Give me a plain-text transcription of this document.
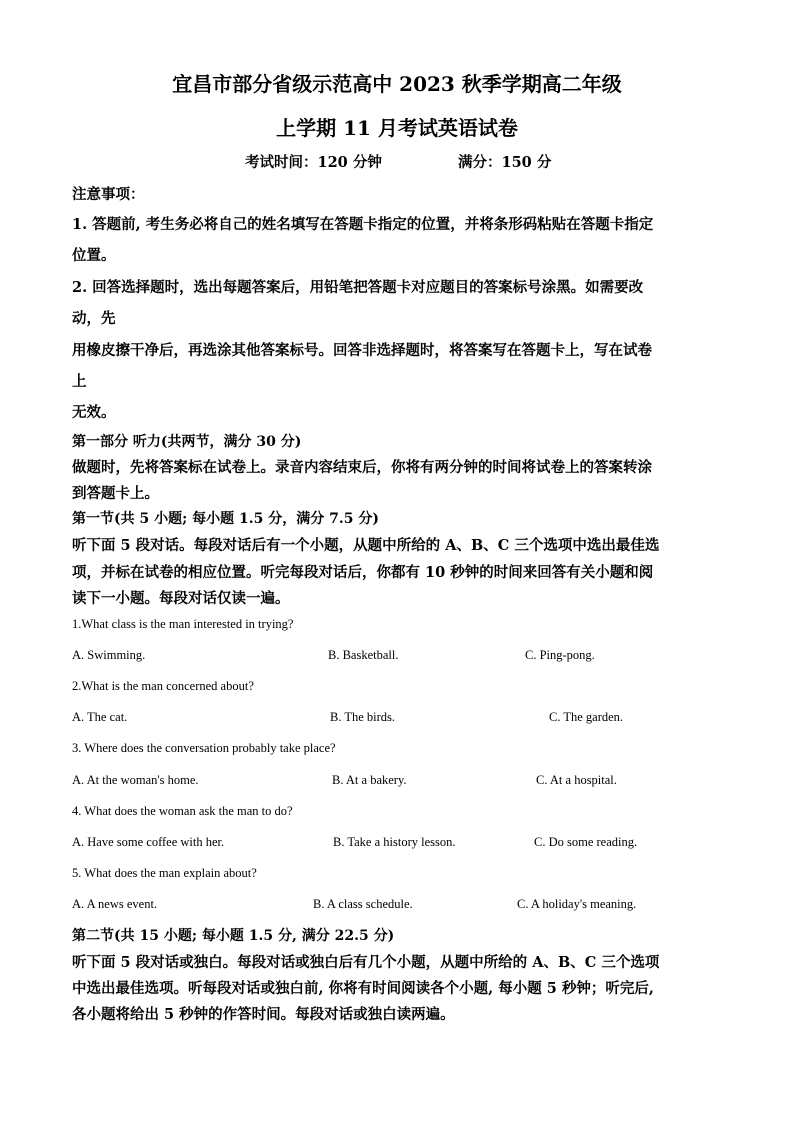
宜昌市部分省级示范高中 2023 秋季学期高二年级
上学期 11 月考试英语试卷
考试时间：120 分钟	满分：150 分
注意事项：
1. 答题前, 考生务必将自己的姓名填写在答题卡指定的位置，并将条形码粘贴在答题卡指定
位置。
2. 回答选择题时，选出每题答案后，用铅笔把答题卡对应题目的答案标号涂黑。如需要改
动，先
用橡皮擦干净后，再选涂其他答案标号。回答非选择题时，将答案写在答题卡上，写在试卷
上
无效。
第一部分 听力(共两节，满分 30 分)
做题时，先将答案标在试卷上。录音内容结束后，你将有两分钟的时间将试卷上的答案转涂
到答题卡上。
第一节(共 5 小题; 每小题 1.5 分，满分 7.5 分)
听下面 5 段对话。每段对话后有一个小题，从题中所给的 A、B、C 三个选项中选出最佳选
项，并标在试卷的相应位置。听完每段对话后，你都有 10 秒钟的时间来回答有关小题和阅
读下一小题。每段对话仅读一遍。
1.What class is the man interested in trying?
A. Swimming.	B. Basketball.	C. Ping-pong.
2.What is the man concerned about?
A. The cat.	B. The birds.	C. The garden.
3. Where does the conversation probably take place?
A. At the woman's home.	B. At a bakery.	C. At a hospital.
4. What does the woman ask the man to do?
A. Have some coffee with her.	B. Take a history lesson.	C. Do some reading.
5. What does the man explain about?
A. A news event.	B. A class schedule.	C. A holiday's meaning.
第二节(共 15 小题; 每小题 1.5 分, 满分 22.5 分)
听下面 5 段对话或独白。每段对话或独白后有几个小题，从题中所给的 A、B、C 三个选项
中选出最佳选项。听每段对话或独白前, 你将有时间阅读各个小题, 每小题 5 秒钟；听完后,
各小题将给出 5 秒钟的作答时间。每段对话或独白读两遍。
